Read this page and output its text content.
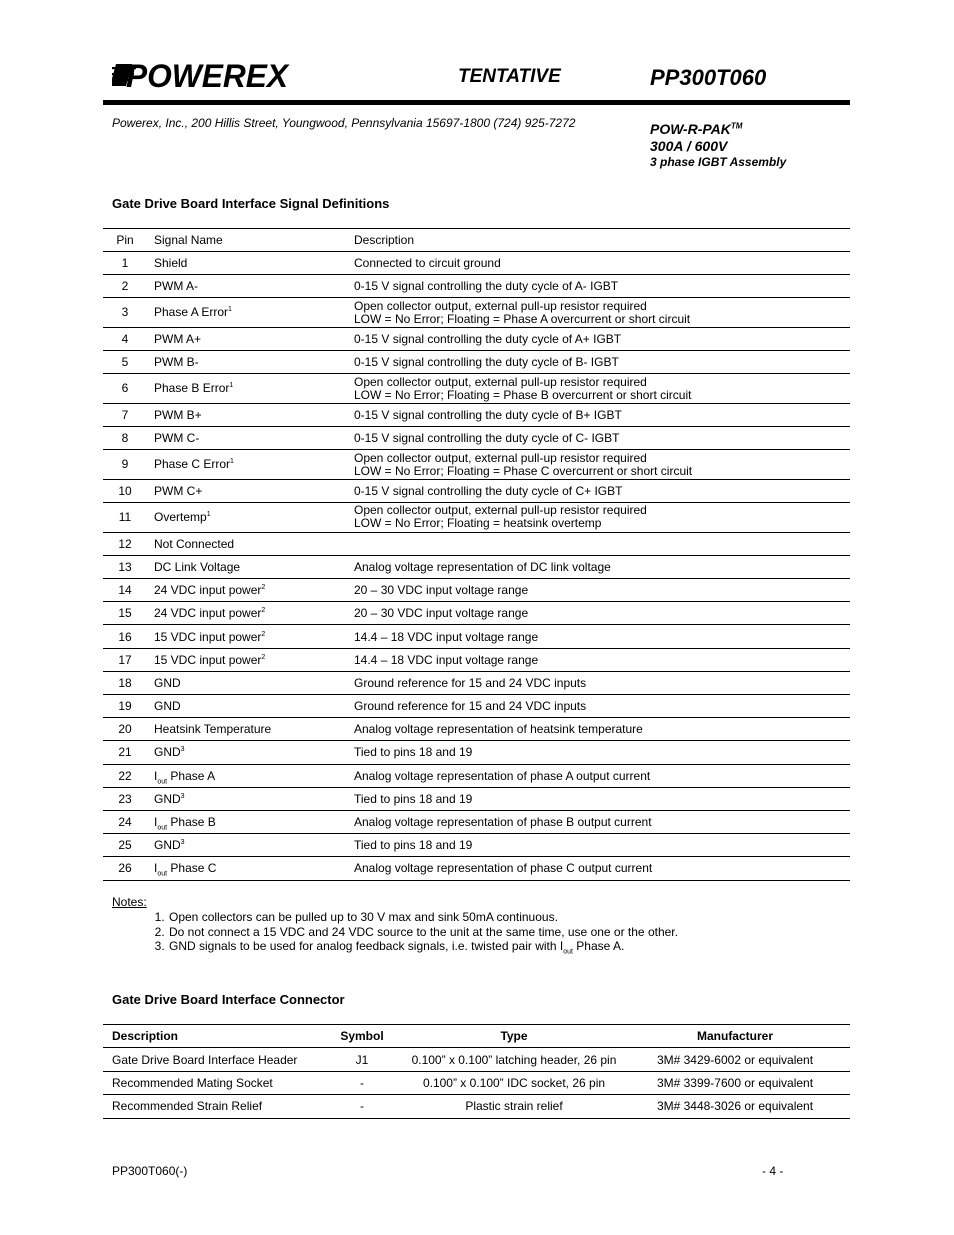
POWEREX	TENTATIVE	PP300T060
Powerex, Inc., 200 Hillis Street, Youngwood, Pennsylvania 15697-1800 (724) 925-7272	POW-R-PAK™
300A / 600V
3 phase IGBT Assembly
Gate Drive Board Interface Signal Definitions
Pin	Signal Name	Description
1	Shield	Connected to circuit ground

2	PWM A-	0-15 V signal controlling the duty cycle of A- IGBT

3	Phase A Error$^1$	Open collector output, external pull-up resistor required
LOW = No Error; Floating = Phase A overcurrent or short circuit

4	PWM A+	0-15 V signal controlling the duty cycle of A+ IGBT

5	PWM B-	0-15 V signal controlling the duty cycle of B- IGBT

6	Phase B Error$^1$	Open collector output, external pull-up resistor required
LOW = No Error; Floating = Phase B overcurrent or short circuit

7	PWM B+	0-15 V signal controlling the duty cycle of B+ IGBT

8	PWM C-	0-15 V signal controlling the duty cycle of C- IGBT

9	Phase C Error$^1$	Open collector output, external pull-up resistor required
LOW = No Error; Floating = Phase C overcurrent or short circuit

10	PWM C+	0-15 V signal controlling the duty cycle of C+ IGBT

11	Overtemp$^1$	Open collector output, external pull-up resistor required
LOW = No Error; Floating = heatsink overtemp

12	Not Connected	

13	DC Link Voltage	Analog voltage representation of DC link voltage

14	24 VDC input power$^2$	20 – 30 VDC input voltage range

15	24 VDC input power$^2$	20 – 30 VDC input voltage range

16	15 VDC input power$^2$	14.4 – 18 VDC input voltage range

17	15 VDC input power$^2$	14.4 – 18 VDC input voltage range

18	GND	Ground reference for 15 and 24 VDC inputs

19	GND	Ground reference for 15 and 24 VDC inputs

20	Heatsink Temperature	Analog voltage representation of heatsink temperature

21	GND$^3$	Tied to pins 18 and 19

22	$I_{out}$ Phase A	Analog voltage representation of phase A output current

23	GND$^3$	Tied to pins 18 and 19

24	$I_{out}$ Phase B	Analog voltage representation of phase B output current

25	GND$^3$	Tied to pins 18 and 19

26	$I_{out}$ Phase C	Analog voltage representation of phase C output current
Notes:
1. Open collectors can be pulled up to 30 V max and sink 50mA continuous.
2. Do not connect a 15 VDC and 24 VDC source to the unit at the same time, use one or the other.
3. GND signals to be used for analog feedback signals, i.e. twisted pair with $I_{out}$ Phase A.
Gate Drive Board Interface Connector
Description	Symbol	Type	Manufacturer
Gate Drive Board Interface Header	J1	0.100” x 0.100” latching header, 26 pin	3M# 3429-6002 or equivalent
Recommended Mating Socket	-	0.100” x 0.100” IDC socket, 26 pin	3M# 3399-7600 or equivalent
Recommended Strain Relief	-	Plastic strain relief	3M# 3448-3026 or equivalent
PP300T060(-)	- 4 -
